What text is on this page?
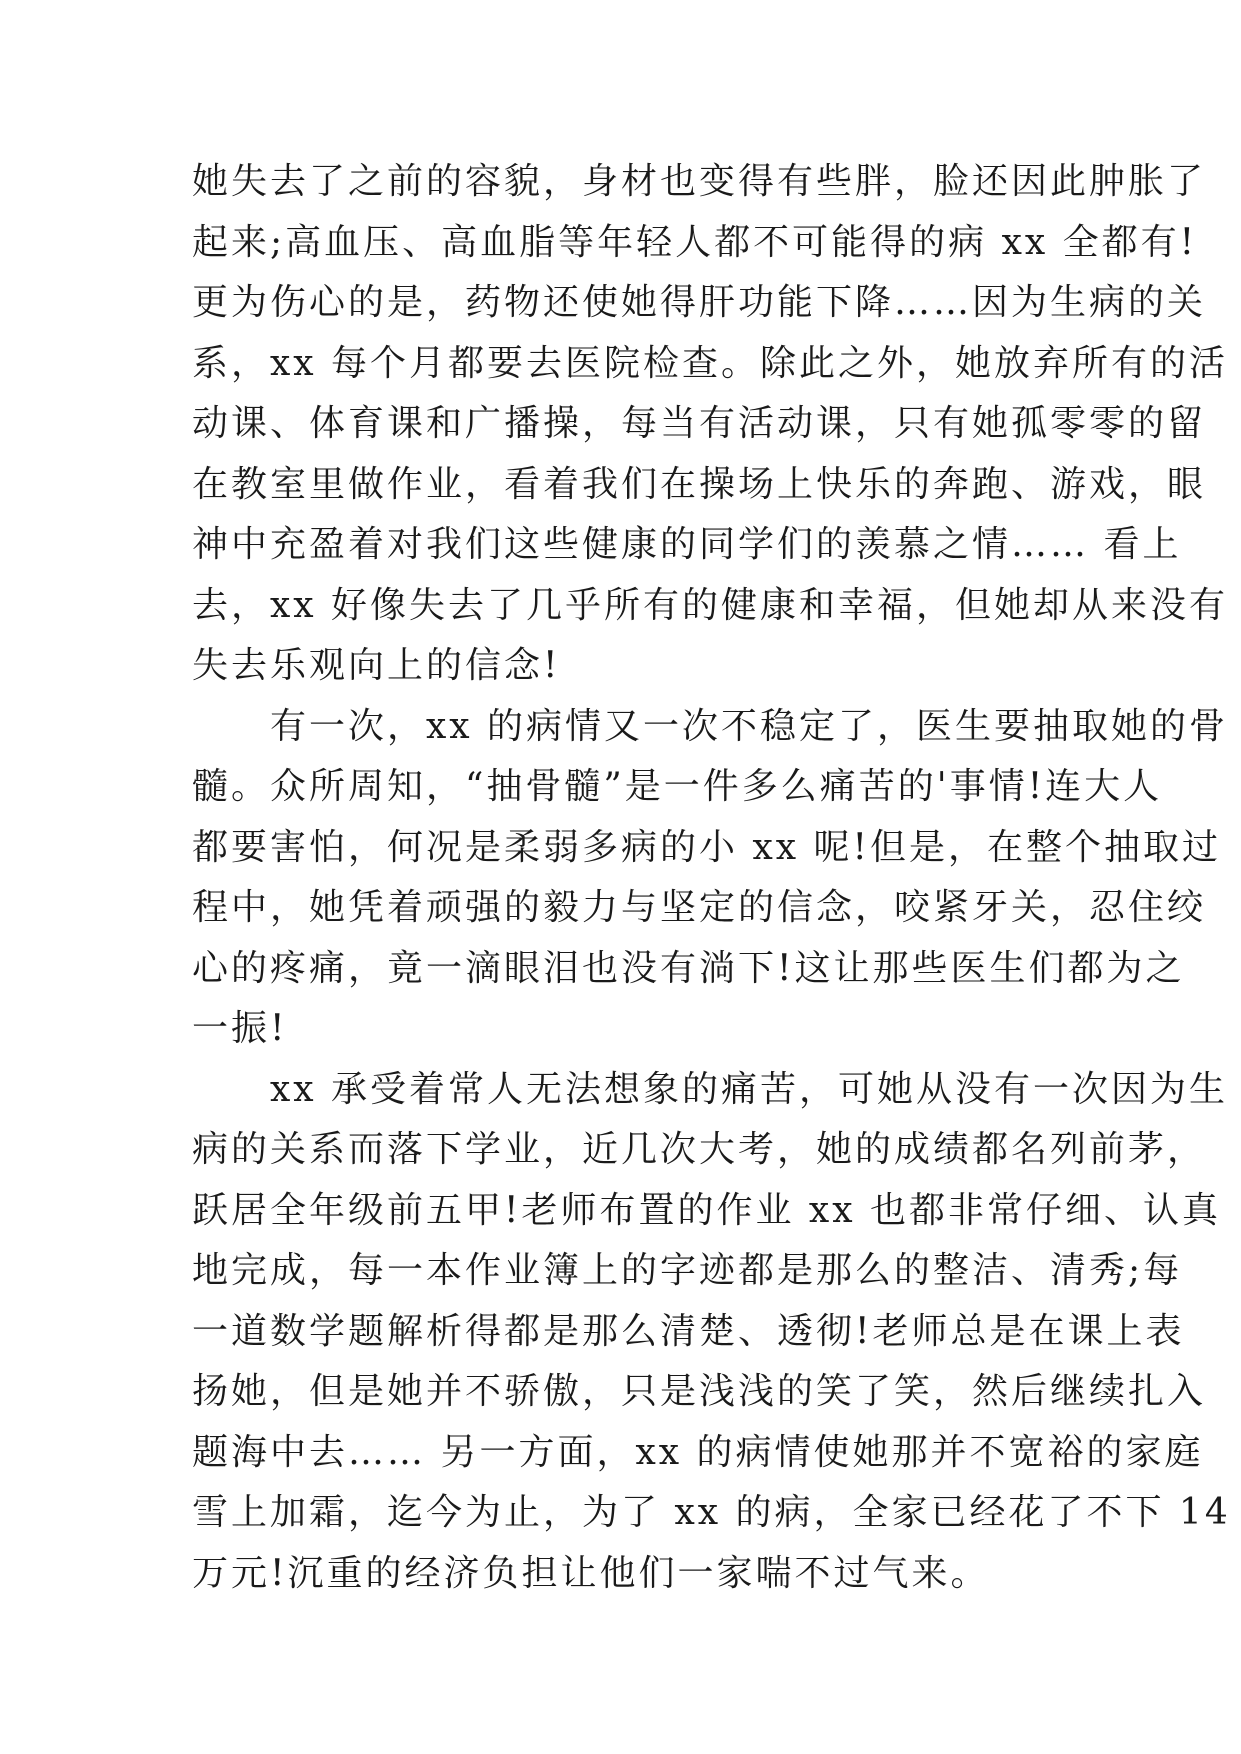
她失去了之前的容貌，身材也变得有些胖，脸还因此肿胀了
起来;高血压、高血脂等年轻人都不可能得的病 xx 全都有!
更为伤心的是，药物还使她得肝功能下降……因为生病的关
系，xx 每个月都要去医院检查。除此之外，她放弃所有的活
动课、体育课和广播操，每当有活动课，只有她孤零零的留
在教室里做作业，看着我们在操场上快乐的奔跑、游戏，眼
神中充盈着对我们这些健康的同学们的羡慕之情…… 看上
去，xx 好像失去了几乎所有的健康和幸福，但她却从来没有
失去乐观向上的信念!
　　有一次，xx 的病情又一次不稳定了，医生要抽取她的骨
髓。众所周知，“抽骨髓”是一件多么痛苦的'事情!连大人
都要害怕，何况是柔弱多病的小 xx 呢!但是，在整个抽取过
程中，她凭着顽强的毅力与坚定的信念，咬紧牙关，忍住绞
心的疼痛，竟一滴眼泪也没有淌下!这让那些医生们都为之
一振!
　　xx 承受着常人无法想象的痛苦，可她从没有一次因为生
病的关系而落下学业，近几次大考，她的成绩都名列前茅，
跃居全年级前五甲!老师布置的作业 xx 也都非常仔细、认真
地完成，每一本作业簿上的字迹都是那么的整洁、清秀;每
一道数学题解析得都是那么清楚、透彻!老师总是在课上表
扬她，但是她并不骄傲，只是浅浅的笑了笑，然后继续扎入
题海中去…… 另一方面，xx 的病情使她那并不宽裕的家庭
雪上加霜，迄今为止，为了 xx 的病，全家已经花了不下 14
万元!沉重的经济负担让他们一家喘不过气来。
